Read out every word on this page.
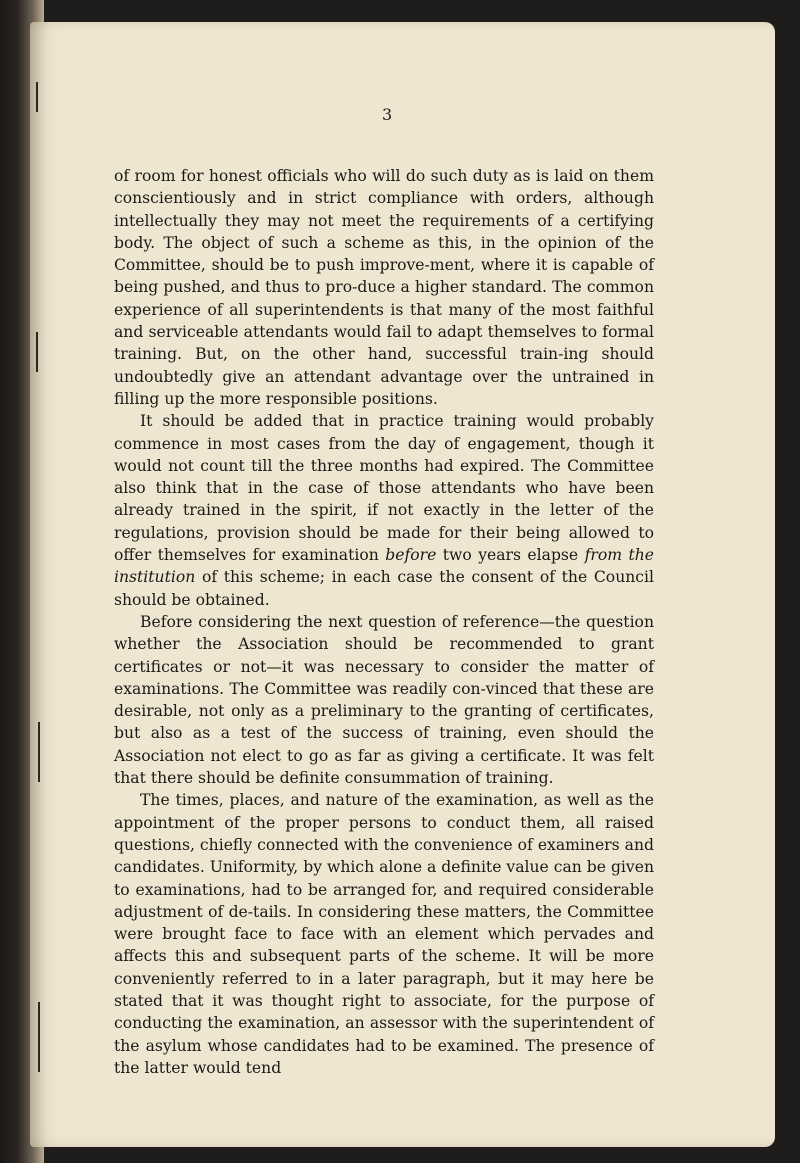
3

of room for honest officials who will do such duty as is laid on them conscientiously and in strict compliance with orders, although intellectually they may not meet the requirements of a certifying body. The object of such a scheme as this, in the opinion of the Committee, should be to push improve-ment, where it is capable of being pushed, and thus to pro-duce a higher standard. The common experience of all superintendents is that many of the most faithful and serviceable attendants would fail to adapt themselves to formal training. But, on the other hand, successful train-ing should undoubtedly give an attendant advantage over the untrained in filling up the more responsible positions.

It should be added that in practice training would probably commence in most cases from the day of engagement, though it would not count till the three months had expired. The Committee also think that in the case of those attendants who have been already trained in the spirit, if not exactly in the letter of the regulations, provision should be made for their being allowed to offer themselves for examination before two years elapse from the institution of this scheme; in each case the consent of the Council should be obtained.

Before considering the next question of reference—the question whether the Association should be recommended to grant certificates or not—it was necessary to consider the matter of examinations. The Committee was readily con-vinced that these are desirable, not only as a preliminary to the granting of certificates, but also as a test of the success of training, even should the Association not elect to go as far as giving a certificate. It was felt that there should be definite consummation of training.

The times, places, and nature of the examination, as well as the appointment of the proper persons to conduct them, all raised questions, chiefly connected with the convenience of examiners and candidates. Uniformity, by which alone a definite value can be given to examinations, had to be arranged for, and required considerable adjustment of de-tails. In considering these matters, the Committee were brought face to face with an element which pervades and affects this and subsequent parts of the scheme. It will be more conveniently referred to in a later paragraph, but it may here be stated that it was thought right to associate, for the purpose of conducting the examination, an assessor with the superintendent of the asylum whose candidates had to be examined. The presence of the latter would tend
